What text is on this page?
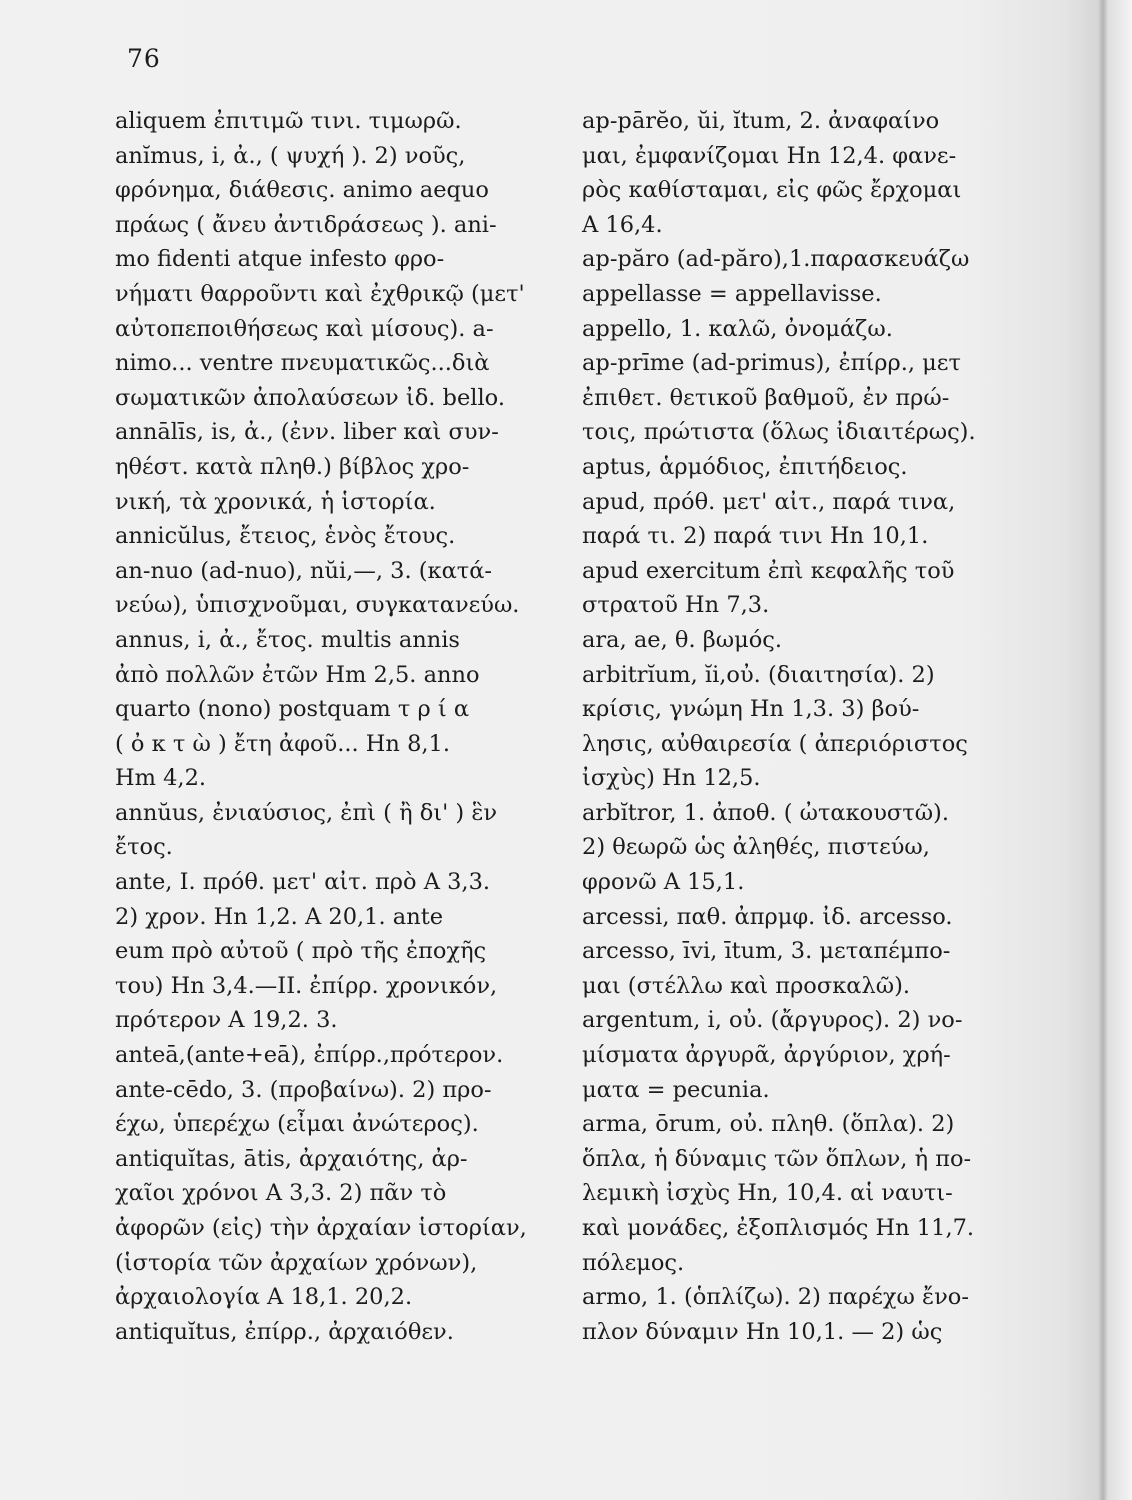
76
aliquem ἐπιτιμῶ τινι. τιμωρῶ.
anĭmus, i, ἀ., ( ψυχή ). 2) νοῦς,
φρόνημα, διάθεσις. animo aequo
πράως ( ἄνευ ἀντιδράσεως ). ani-
mo fidenti atque infesto φρο-
νήματι θαρροῦντι καὶ ἐχθρικῷ (μετ'
αὐτοπεποιθήσεως καὶ μίσους). a-
nimo... ventre πνευματικῶς...διὰ
σωματικῶν ἀπολαύσεων ἰδ. bello.
annālīs, is, ἀ., (ἐνν. liber καὶ συν-
ηθέστ. κατὰ πληθ.) βίβλος χρο-
νική, τὰ χρονικά, ἡ ἱστορία.
annicŭlus, ἔτειος, ἑνὸς ἔτους.
an-nuo (ad-nuo), nŭi,—, 3. (κατά-
νεύω), ὑπισχνοῦμαι, συγκατανεύω.
annus, i, ἀ., ἔτος. multis annis
ἀπὸ πολλῶν ἐτῶν Hm 2,5. anno
quarto (nono) postquam τ ρ ί α
( ὀ κ τ ὼ ) ἔτη ἀφοῦ... Hn 8,1.
Hm 4,2.
annŭus, ἐνιαύσιος, ἐπὶ ( ἢ δι' ) ἓν
ἔτος.
ante, I. πρόθ. μετ' αἰτ. πρὸ A 3,3.
2) χρον. Hn 1,2. A 20,1. ante
eum πρὸ αὐτοῦ ( πρὸ τῆς ἐποχῆς
του) Hn 3,4.—II. ἐπίρρ. χρονικόν,
πρότερον A 19,2. 3.
anteā,(ante+eā), ἐπίρρ.,πρότερον.
ante-cēdo, 3. (προβαίνω). 2) προ-
έχω, ὑπερέχω (εἶμαι ἀνώτερος).
antiquĭtas, ātis, ἀρχαιότης, ἀρ-
χαῖοι χρόνοι A 3,3. 2) πᾶν τὸ
ἀφορῶν (εἰς) τὴν ἀρχαίαν ἱστορίαν,
(ἱστορία τῶν ἀρχαίων χρόνων),
ἀρχαιολογία A 18,1. 20,2.
antiquĭtus, ἐπίρρ., ἀρχαιόθεν.
ap-pārĕo, ŭi, ĭtum, 2. ἀναφαίνο
μαι, ἐμφανίζομαι Hn 12,4. φανε-
ρὸς καθίσταμαι, εἰς φῶς ἔρχομαι
A 16,4.
ap-păro (ad-păro),1.παρασκευάζω
appellasse = appellavisse.
appello, 1. καλῶ, ὀνομάζω.
ap-prīme (ad-primus), ἐπίρρ., μετ
ἐπιθετ. θετικοῦ βαθμοῦ, ἐν πρώ-
τοις, πρώτιστα (ὅλως ἰδιαιτέρως).
aptus, ἁρμόδιος, ἐπιτήδειος.
apud, πρόθ. μετ' αἰτ., παρά τινα,
παρά τι. 2) παρά τινι Hn 10,1.
apud exercitum ἐπὶ κεφαλῆς τοῦ
στρατοῦ Hn 7,3.
ara, ae, θ. βωμός.
arbitrĭum, ĭi,οὐ. (διαιτησία). 2)
κρίσις, γνώμη Hn 1,3. 3) βού-
λησις, αὐθαιρεσία ( ἀπεριόριστος
ἰσχὺς) Hn 12,5.
arbĭtror, 1. ἀποθ. ( ὠτακουστῶ).
2) θεωρῶ ὡς ἀληθές, πιστεύω,
φρονῶ A 15,1.
arcessi, παθ. ἀπρμφ. ἰδ. arcesso.
arcesso, īvi, ītum, 3. μεταπέμπο-
μαι (στέλλω καὶ προσκαλῶ).
argentum, i, οὐ. (ἄργυρος). 2) νο-
μίσματα ἀργυρᾶ, ἀργύριον, χρή-
ματα = pecunia.
arma, ōrum, οὐ. πληθ. (ὅπλα). 2)
ὅπλα, ἡ δύναμις τῶν ὅπλων, ἡ πο-
λεμικὴ ἰσχὺς Hn, 10,4. αἱ ναυτι-
καὶ μονάδες, ἐξοπλισμός Hn 11,7.
πόλεμος.
armo, 1. (ὁπλίζω). 2) παρέχω ἔνο-
πλον δύναμιν Hn 10,1. — 2) ὡς
